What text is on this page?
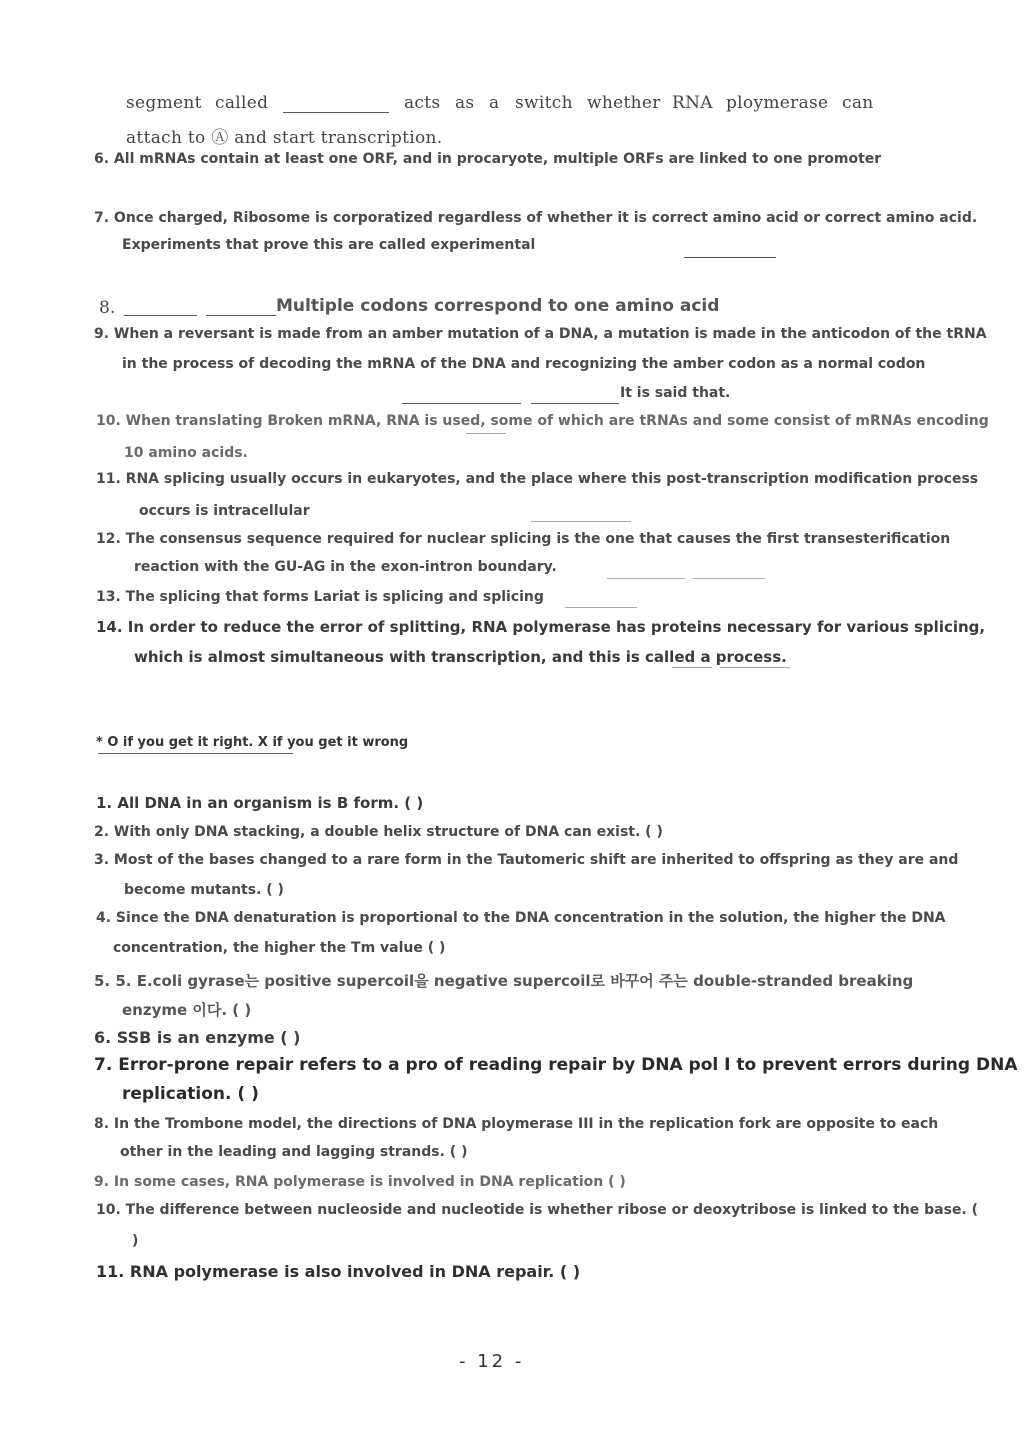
segment called	acts as a switch whether RNA ploymerase can
attach to Ⓐ and start transcription.
6. All mRNAs contain at least one ORF, and in procaryote, multiple ORFs are linked to one promoter
7. Once charged, Ribosome is corporatized regardless of whether it is correct amino acid or correct amino acid.
Experiments that prove this are called experimental
8.	Multiple codons correspond to one amino acid
9. When a reversant is made from an amber mutation of a DNA, a mutation is made in the anticodon of the tRNA
in the process of decoding the mRNA of the DNA and recognizing the amber codon as a normal codon
It is said that.
10. When translating Broken mRNA, RNA is used, some of which are tRNAs and some consist of mRNAs encoding
10 amino acids.
11. RNA splicing usually occurs in eukaryotes, and the place where this post-transcription modification process
occurs is intracellular
12. The consensus sequence required for nuclear splicing is the one that causes the first transesterification
reaction with the GU-AG in the exon-intron boundary.
13. The splicing that forms Lariat is splicing and splicing
14. In order to reduce the error of splitting, RNA polymerase has proteins necessary for various splicing,
which is almost simultaneous with transcription, and this is called a process.
* O if you get it right. X if you get it wrong
1. All DNA in an organism is B form. ( )
2. With only DNA stacking, a double helix structure of DNA can exist. ( )
3. Most of the bases changed to a rare form in the Tautomeric shift are inherited to offspring as they are and
become mutants. ( )
4. Since the DNA denaturation is proportional to the DNA concentration in the solution, the higher the DNA
concentration, the higher the Tm value ( )
5. 5. E.coli gyrase는 positive supercoil을 negative supercoil로 바꾸어 주는 double-stranded breaking
enzyme 이다. ( )
6. SSB is an enzyme ( )
7. Error-prone repair refers to a pro of reading repair by DNA pol I to prevent errors during DNA
replication. ( )
8. In the Trombone model, the directions of DNA ploymerase III in the replication fork are opposite to each
other in the leading and lagging strands. ( )
9. In some cases, RNA polymerase is involved in DNA replication ( )
10. The difference between nucleoside and nucleotide is whether ribose or deoxytribose is linked to the base. (
)
11. RNA polymerase is also involved in DNA repair. ( )
- 12 -
